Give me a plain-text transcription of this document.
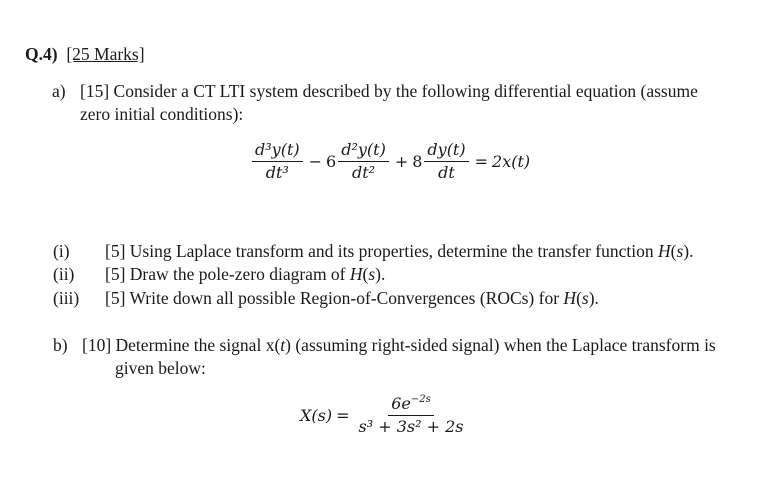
Q.4) [25 Marks]
a) [15] Consider a CT LTI system described by the following differential equation (assume
zero initial conditions):
$\frac{\text{d³y(t)}}{\text{dt³}} - 6 \frac{\text{d²y(t)}}{\text{dt²}} + 8 \frac{dy(t)}{dt} = 2x(t)$
(i) [5] Using Laplace transform and its properties, determine the transfer function H(s).
(ii) [5] Draw the pole-zero diagram of H(s).
(iii) [5] Write down all possible Region-of-Convergences (ROCs) for H(s).
b) [10] Determine the signal x(t) (assuming right-sided signal) when the Laplace transform is
given below:
$X(s) = \frac{6e^{-2s}}{\text{s³ + 3s² + 2s}}$
